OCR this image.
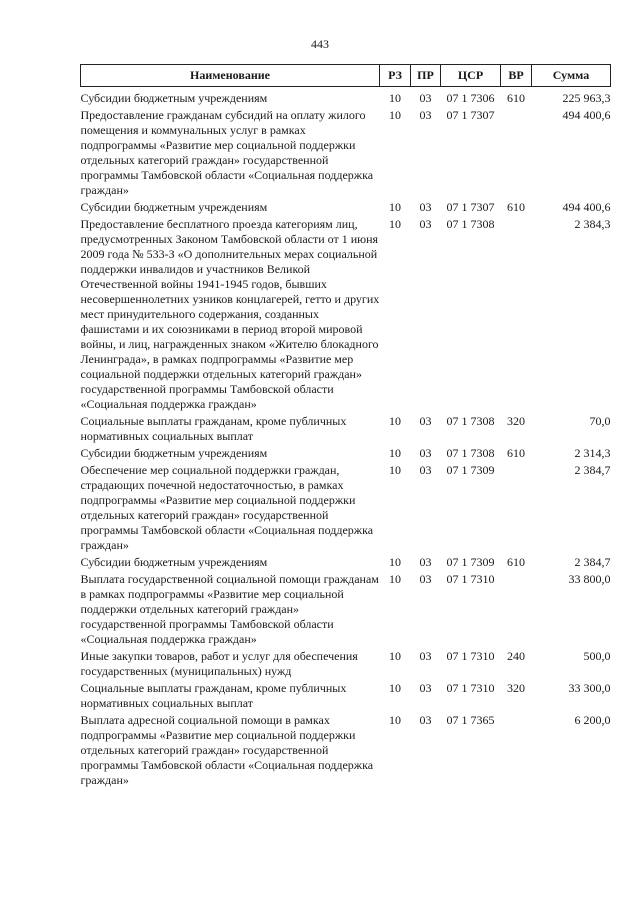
443
Наименование	РЗ	ПР	ЦСР	ВР	Сумма
Субсидии бюджетным учреждениям	10	03	07 1 7306	610	225 963,3
Предоставление гражданам субсидий на оплату жилого помещения и коммунальных услуг в рамках подпрограммы «Развитие мер социальной поддержки отдельных категорий граждан» государственной программы Тамбовской области «Социальная поддержка граждан»	10	03	07 1 7307		494 400,6
Субсидии бюджетным учреждениям	10	03	07 1 7307	610	494 400,6
Предоставление бесплатного проезда категориям лиц, предусмотренных Законом Тамбовской области от 1 июня 2009 года № 533-З «О дополнительных мерах социальной поддержки инвалидов и участников Великой Отечественной войны 1941-1945 годов, бывших несовершеннолетних узников концлагерей, гетто и других мест принудительного содержания, созданных фашистами и их союзниками в период второй мировой войны, и лиц, награжденных знаком «Жителю блокадного Ленинграда», в рамках подпрограммы «Развитие мер социальной поддержки отдельных категорий граждан» государственной программы Тамбовской области «Социальная поддержка граждан»	10	03	07 1 7308		2 384,3
Социальные выплаты гражданам, кроме публичных нормативных социальных выплат	10	03	07 1 7308	320	70,0
Субсидии бюджетным учреждениям	10	03	07 1 7308	610	2 314,3
Обеспечение мер социальной поддержки граждан, страдающих почечной недостаточностью, в рамках подпрограммы «Развитие мер социальной поддержки отдельных категорий граждан» государственной программы Тамбовской области «Социальная поддержка граждан»	10	03	07 1 7309		2 384,7
Субсидии бюджетным учреждениям	10	03	07 1 7309	610	2 384,7
Выплата государственной социальной помощи гражданам в рамках подпрограммы «Развитие мер социальной поддержки отдельных категорий граждан» государственной программы Тамбовской области «Социальная поддержка граждан»	10	03	07 1 7310		33 800,0
Иные закупки товаров, работ и услуг для обеспечения государственных (муниципальных) нужд	10	03	07 1 7310	240	500,0
Социальные выплаты гражданам, кроме публичных нормативных социальных выплат	10	03	07 1 7310	320	33 300,0
Выплата адресной социальной помощи в рамках подпрограммы «Развитие мер социальной поддержки отдельных категорий граждан» государственной программы Тамбовской области «Социальная поддержка граждан»	10	03	07 1 7365		6 200,0
